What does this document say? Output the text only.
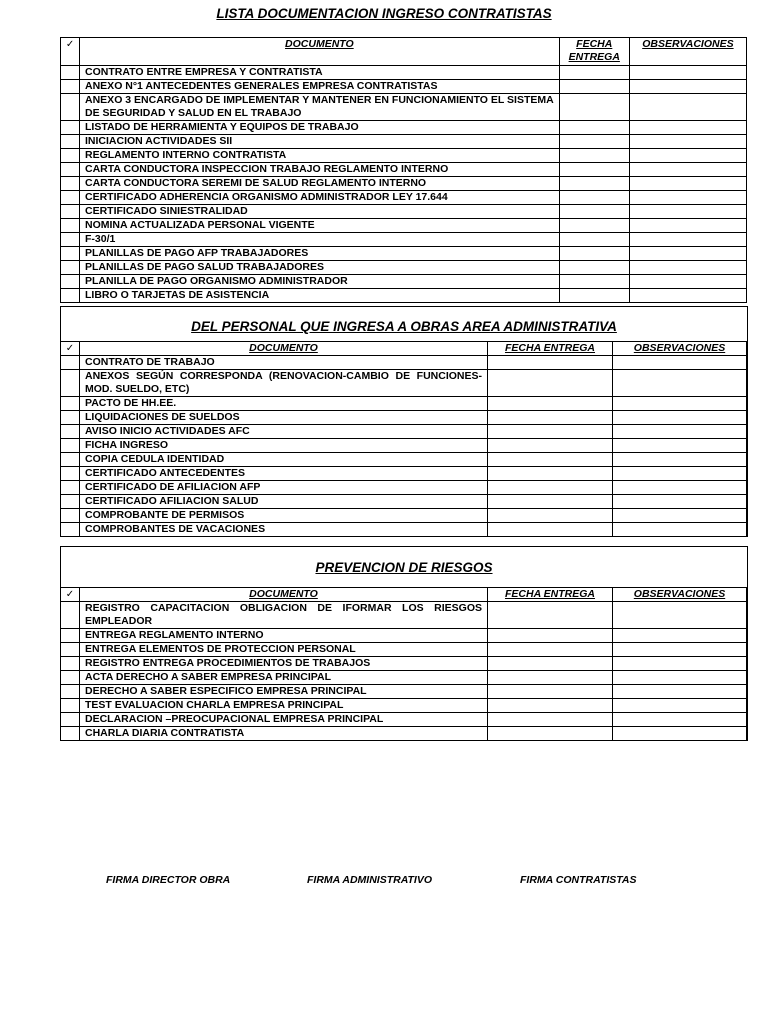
LISTA DOCUMENTACION INGRESO CONTRATISTAS
✓	DOCUMENTO	FECHA ENTREGA	OBSERVACIONES
	CONTRATO ENTRE EMPRESA Y CONTRATISTA		
	ANEXO N°1 ANTECEDENTES GENERALES EMPRESA CONTRATISTAS		
	ANEXO 3 ENCARGADO DE IMPLEMENTAR Y MANTENER EN FUNCIONAMIENTO EL SISTEMA DE SEGURIDAD Y SALUD EN EL TRABAJO		
	LISTADO DE HERRAMIENTA Y EQUIPOS DE TRABAJO		
	INICIACION ACTIVIDADES SII		
	REGLAMENTO INTERNO CONTRATISTA		
	CARTA CONDUCTORA INSPECCION TRABAJO REGLAMENTO INTERNO		
	CARTA CONDUCTORA SEREMI DE SALUD REGLAMENTO INTERNO		
	CERTIFICADO ADHERENCIA ORGANISMO ADMINISTRADOR LEY 17.644		
	CERTIFICADO SINIESTRALIDAD		
	NOMINA ACTUALIZADA PERSONAL VIGENTE		
	F-30/1		
	PLANILLAS DE PAGO AFP TRABAJADORES		
	PLANILLAS DE PAGO SALUD TRABAJADORES		
	PLANILLA DE PAGO ORGANISMO ADMINISTRADOR		
	LIBRO O TARJETAS DE ASISTENCIA		
DEL PERSONAL QUE INGRESA A OBRAS AREA ADMINISTRATIVA
✓	DOCUMENTO	FECHA ENTREGA	OBSERVACIONES
	CONTRATO DE TRABAJO		
	ANEXOS SEGÚN CORRESPONDA (RENOVACION-CAMBIO DE FUNCIONES-MOD. SUELDO, ETC)		
	PACTO DE HH.EE.		
	LIQUIDACIONES DE SUELDOS		
	AVISO INICIO ACTIVIDADES AFC		
	FICHA INGRESO		
	COPIA CEDULA IDENTIDAD		
	CERTIFICADO ANTECEDENTES		
	CERTIFICADO DE AFILIACION AFP		
	CERTIFICADO AFILIACION SALUD		
	COMPROBANTE DE PERMISOS		
	COMPROBANTES DE VACACIONES		
PREVENCION DE RIESGOS
✓	DOCUMENTO	FECHA ENTREGA	OBSERVACIONES
	REGISTRO CAPACITACION OBLIGACION DE IFORMAR LOS RIESGOS EMPLEADOR		
	ENTREGA REGLAMENTO INTERNO		
	ENTREGA ELEMENTOS DE PROTECCION PERSONAL		
	REGISTRO ENTREGA PROCEDIMIENTOS DE TRABAJOS		
	ACTA DERECHO A SABER EMPRESA PRINCIPAL		
	DERECHO A SABER ESPECIFICO EMPRESA PRINCIPAL		
	TEST EVALUACION CHARLA EMPRESA PRINCIPAL		
	DECLARACION –PREOCUPACIONAL EMPRESA PRINCIPAL		
	CHARLA DIARIA CONTRATISTA		
FIRMA DIRECTOR OBRA	FIRMA ADMINISTRATIVO	FIRMA CONTRATISTAS
